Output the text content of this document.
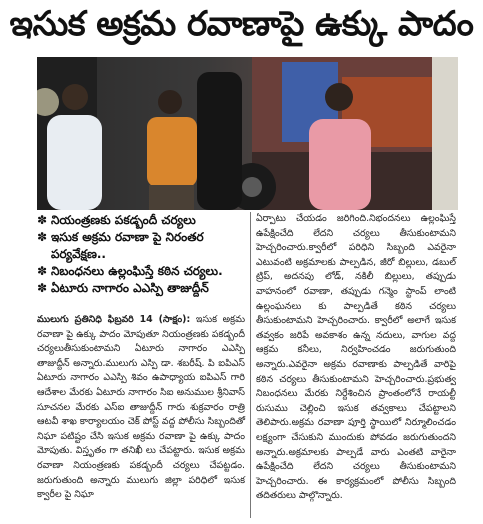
ఇసుక అక్రమ రవాణాపై ఉక్కు పాదం
✽ నియంత్రణకు పకడ్బందీ చర్యలు
✽ ఇసుక అక్రమ రవాణా పై నిరంతర పర్యవేక్షణ..
✽ నిబంధనలు ఉల్లంఘిస్తే కఠిన చర్యలు.
✽ ఏటూరు నాగారం ఎఎస్పి తాజుద్దీన్

ములుగు ప్రతినిధి ఫిబ్రవరి 14 (సాక్షం): ఇసుక అక్రమ రవాణా పై ఉక్కు పాదం మోపుతూ నియంత్రణకు పకడ్బందీ చర్యలుతీసుకుంటామని ఏటూరు నాగారం ఎఎస్పి తాజుద్దీన్ అన్నారు.ములుగు ఎస్పి డా. శబరీష్. పి ఐపిఎస్ ఏటూరు నాగారం ఎఎస్పి శివం ఉపాధ్యాయ ఐపిఎస్ గారి ఆదేశాల మేరకు ఏటూరు నాగారం సిఐ అనుముల శ్రీనివాస్ సూచనల మేరకు ఎస్ఐ తాజుద్దీన్ గారు శుక్రవారం రాత్రి ఆటవీ శాఖ కార్యాలయం చెక్ పోస్ట్ వద్ద పోలీసు సిబ్బందితో నిఘా పటిష్టం చేసి ఇసుక అక్రమ రవాణా పై ఉక్కు పాదం మోపుతు. విస్తృతం గా తనిఖీ లు చేపట్టారు. ఇసుక అక్రమ రవాణా నియంత్రణకు పకడ్బందీ చర్యలు చేపట్టడం. జరుగుతుంది అన్నారు ములుగు జిల్లా పరిధిలో ఇసుక క్వారీల పై నిఘా

ఏర్పాటు చేయడం జరిగింది.నిభందనలు ఉల్లంఘిస్తే ఉపేక్షించేది లేదని చర్యలు తీసుకుంటామని హెచ్చరించారు.క్వారీలో పరిధిని సిబ్బంది ఎవరైనా ఎటువంటి అక్రమాలకు పాల్పడిన, జీరో బిల్లులు, డబుల్ ట్రిప్, అదనపు లోడ్, నకిలీ బిల్లులు, తప్పుడు వాహనంలో రవాణా, తప్పుడు గన్మెం స్టాంప్ లాంటి ఉల్లంఘనలు కు పాల్పడితే కఠిన చర్యలు తీసుకుంటామని హెచ్చరించారు. క్వారీలో అలాగే ఇసుక తవ్వకం జరిపే అవకాశం ఉన్న నదులు, వాగుల వద్ద ఆక్రమ కనీలు, నిర్వహించడం జరుగుతుంది అన్నారు.ఎవరైనా అక్రమ రవాణాకు పాల్పడితే వారిపై కఠిన చర్యలు తీసుకుంటామని హెచ్చరించారు.ప్రభుత్వ నిబంధనలు మేరకు నిర్దేశించిన ప్రాంతంలోనే రాయల్టీ రుసుము చెల్లించి ఇసుక తవ్వకాలు చేపట్టాలని తెలిపారు.అక్రమ రవాణా పూర్తి స్థాయిలో నిర్మూలించడం లక్ష్యంగా చేసుకుని ముందుకు పోవడం జరుగుతుందని అన్నారు.అక్రమాలకు పాల్పడే వారు ఎంతటి వారైనా ఉపేక్షించేది లేదని చర్యలు తీసుకుంటామని హెచ్చరించారు. ఈ కార్యక్రమంలో పోలీసు సిబ్బంది తదితరులు పాల్గొన్నారు.
